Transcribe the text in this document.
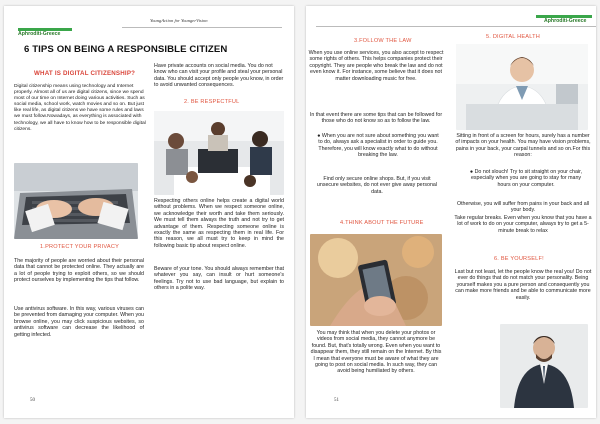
Aphroditi-Greece
YoungAction for YoungerVision
6 TIPS ON BEING A RESPONSIBLE CITIZEN
WHAT IS DIGITAL CITIZENSHIP?
Digital citizenship means using technology and Internet properly. Almost all of us are digital citizens, since we spend most of our time on Internet doing various activities. Such as social media, school work, watch movies and so on. But just like real life, as digital citizens we have some rules and laws we must follow.Nowadays, as everything is associated with technology, we all have to know how to be responsible digital citizens.
Have private accounts on social media. You do not know who can visit your profile and steal your personal data. You should accept only people you know, in order to avoid unwanted consequences.
2. BE RESPECTFUL
Respecting others online helps create a digital world without problems. When we respect someone online, we acknowledge their worth and take them seriously. We must tell them always the truth and not try to get advantage of them. Respecting someone online is exactly the same as respecting them in real life. For this reason, we all must try to keep in mind the following basic tip about respect online.
Beware of your tone. You should always remember that whatever you say, can insult or hurt someone's feelings. Try not to use bad language, but explain to others in a polite way.
1.PROTECT YOUR PRIVACY
The majority of people are worried about their personal data that cannot be protected online. They actually are a lot of people trying to exploit others, so we should protect ourselves by implementing the tips that follow.
Use antivirus software. In this way, various viruses can be prevented from damaging your computer. When you browse online, you may click suspicious websites, so antivirus software can decrease the likelihood of getting infected.
50
Aphroditi-Greece
3.FOLLOW THE LAW
When you use online services, you also accept to respect some rights of others. This helps companies protect their copyright. They are people who break the law and do not even know it. For instance, some believe that it does not matter downloading music for free.
In that event there are some tips that can be followed for those who do not know so as to follow the law.
● When you are not sure about something you want to do, always ask a specialist in order to guide you. Therefore, you will know exactly what to do without breaking the law.
Find only secure online shops. But, if you visit unsecure websites, do not ever give away personal data.
4.THINK ABOUT THE FUTURE
You may think that when you delete your photos or videos from social media, they cannot anymore be found. But, that's totally wrong. Even when you want to disappear them, they still remain on the Internet. By this I mean that everyone must be aware of what they are going to post on social media. In such way, they can avoid being humiliated by others.
5. DIGITAL HEALTH
Sitting in front of a screen for hours, surely has a number of impacts on your health. You may have vision problems, pains in your back, your carpal tunnels and so on.For this reason:
● Do not slouch! Try to sit straight on your chair, especially when you are going to stay for many hours on your computer.
Otherwise, you will suffer from pains in your back and all your body.
Take regular breaks. Even when you know that you have a lot of work to do on your computer, always try to get a 5-minute break to relax
6. BE YOURSELF!
Last but not least, let the people know the real you! Do not ever do things that do not match your personality. Being yourself makes you a pure person and consequently you can make more friends and be able to communicate more easily.
51
